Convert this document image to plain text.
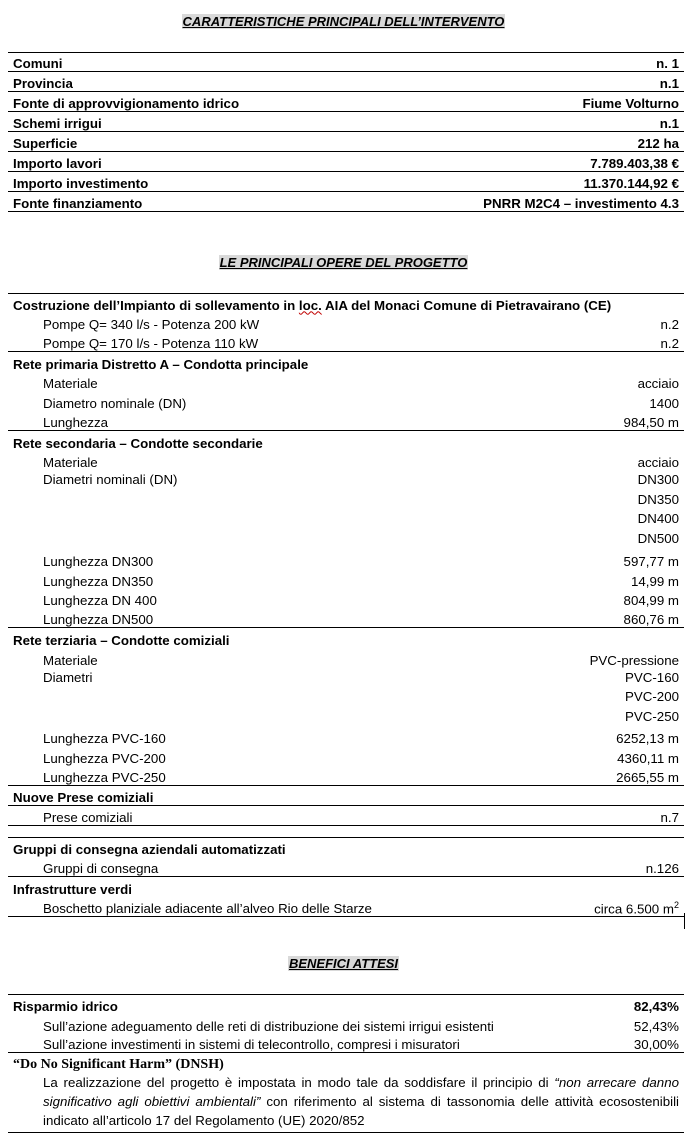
CARATTERISTICHE PRINCIPALI DELL’INTERVENTO
Comuni	n. 1
Provincia	n.1
Fonte di approvvigionamento idrico	Fiume Volturno
Schemi irrigui	n.1
Superficie	212 ha
Importo lavori	7.789.403,38 €
Importo investimento	11.370.144,92 €
Fonte finanziamento	PNRR M2C4 – investimento 4.3
LE PRINCIPALI OPERE DEL PROGETTO
Costruzione dell’Impianto di sollevamento in loc. AIA del Monaci Comune di Pietravairano (CE)
Pompe Q= 340 l/s - Potenza 200 kW	n.2
Pompe Q= 170 l/s - Potenza 110 kW	n.2
Rete primaria Distretto A – Condotta principale
Materiale	acciaio
Diametro nominale (DN)	1400
Lunghezza	984,50 m
Rete secondaria – Condotte secondarie
Materiale	acciaio
Diametri nominali (DN)	DN300
DN350
DN400
DN500
Lunghezza DN300	597,77 m
Lunghezza DN350	14,99 m
Lunghezza DN 400	804,99 m
Lunghezza DN500	860,76 m
Rete terziaria – Condotte comiziali
Materiale	PVC-pressione
Diametri	PVC-160
PVC-200
PVC-250
Lunghezza PVC-160	6252,13 m
Lunghezza PVC-200	4360,11 m
Lunghezza PVC-250	2665,55 m
Nuove Prese comiziali
Prese comiziali	n.7
Gruppi di consegna aziendali automatizzati
Gruppi di consegna	n.126
Infrastrutture verdi
Boschetto planiziale adiacente all’alveo Rio delle Starze	circa 6.500 $m^2$
BENEFICI ATTESI
Risparmio idrico	82,43%
Sull’azione adeguamento delle reti di distribuzione dei sistemi irrigui esistenti	52,43%
Sull’azione investimenti in sistemi di telecontrollo, compresi i misuratori	30,00%
“Do No Significant Harm” (DNSH)
La realizzazione del progetto è impostata in modo tale da soddisfare il principio di “non arrecare danno significativo agli obiettivi ambientali” con riferimento al sistema di tassonomia delle attività ecosostenibili indicato all’articolo 17 del Regolamento (UE) 2020/852
